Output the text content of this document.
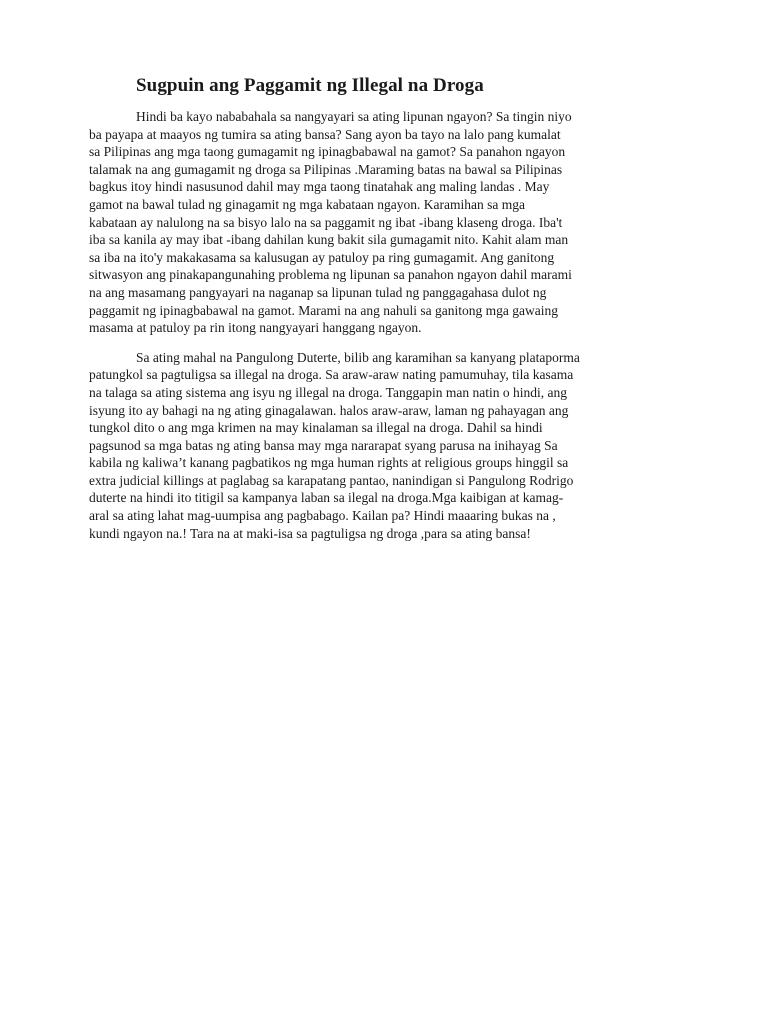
Sugpuin ang Paggamit ng Illegal na Droga

Hindi ba kayo nababahala sa nangyayari sa ating lipunan ngayon? Sa tingin niyo
ba payapa at maayos ng tumira sa ating bansa? Sang ayon ba tayo na lalo pang kumalat
sa Pilipinas ang mga taong gumagamit ng ipinagbabawal na gamot? Sa panahon ngayon
talamak na ang gumagamit ng droga sa Pilipinas .Maraming batas na bawal sa Pilipinas
bagkus itoy hindi nasusunod dahil may mga taong tinatahak ang maling landas . May
gamot na bawal tulad ng ginagamit ng mga kabataan ngayon. Karamihan sa mga
kabataan ay nalulong na sa bisyo lalo na sa paggamit ng ibat -ibang klaseng droga. Iba't
iba sa kanila ay may ibat -ibang dahilan kung bakit sila gumagamit nito. Kahit alam man
sa iba na ito'y makakasama sa kalusugan ay patuloy pa ring gumagamit. Ang ganitong
sitwasyon ang pinakapangunahing problema ng lipunan sa panahon ngayon dahil marami
na ang masamang pangyayari na naganap sa lipunan tulad ng panggagahasa dulot ng
paggamit ng ipinagbabawal na gamot. Marami na ang nahuli sa ganitong mga gawaing
masama at patuloy pa rin itong nangyayari hanggang ngayon.

Sa ating mahal na Pangulong Duterte, bilib ang karamihan sa kanyang plataporma
patungkol sa pagtuligsa sa illegal na droga. Sa araw-araw nating pamumuhay, tila kasama
na talaga sa ating sistema ang isyu ng illegal na droga. Tanggapin man natin o hindi, ang
isyung ito ay bahagi na ng ating ginagalawan. halos araw-araw, laman ng pahayagan ang
tungkol dito o ang mga krimen na may kinalaman sa illegal na droga. Dahil sa hindi
pagsunod sa mga batas ng ating bansa may mga nararapat syang parusa na inihayag Sa
kabila ng kaliwa’t kanang pagbatikos ng mga human rights at religious groups hinggil sa
extra judicial killings at paglabag sa karapatang pantao, nanindigan si Pangulong Rodrigo
duterte na hindi ito titigil sa kampanya laban sa ilegal na droga.Mga kaibigan at kamag-
aral sa ating lahat mag-uumpisa ang pagbabago. Kailan pa? Hindi maaaring bukas na ,
kundi ngayon na.! Tara na at maki-isa sa pagtuligsa ng droga ,para sa ating bansa!
